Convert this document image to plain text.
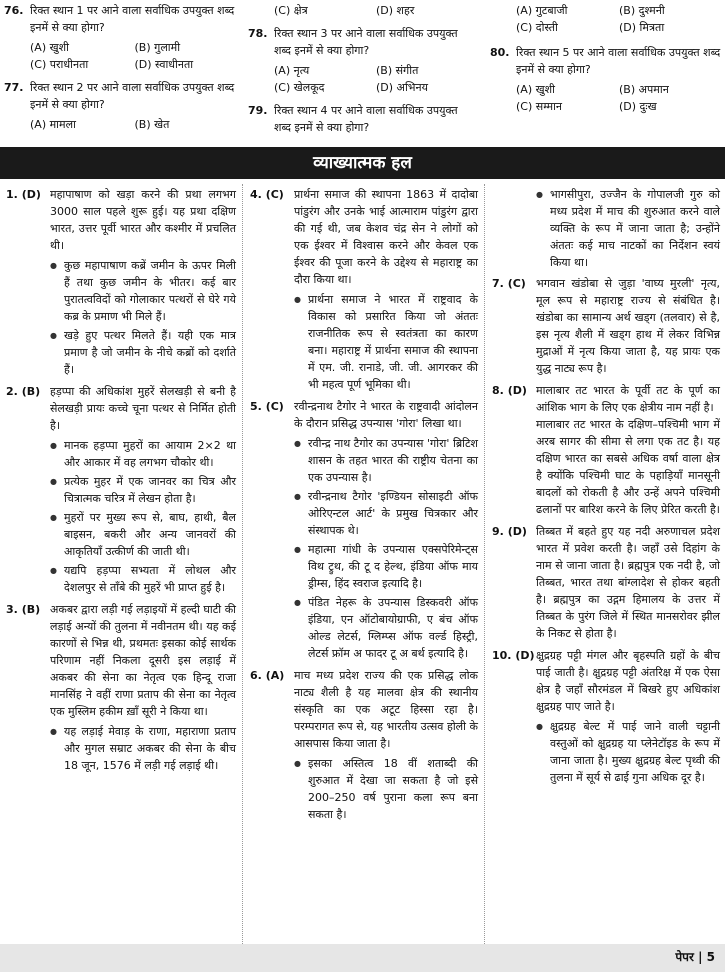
76. रिक्त स्थान 1 पर आने वाला सर्वाधिक उपयुक्त शब्द इनमें से क्या होगा?
(A) खुशी	(B) गुलामी
(C) पराधीनता	(D) स्वाधीनता
77. रिक्त स्थान 2 पर आने वाला सर्वाधिक उपयुक्त शब्द इनमें से क्या होगा?
(A) मामला	(B) खेत
(C) क्षेत्र	(D) शहर
78. रिक्त स्थान 3 पर आने वाला सर्वाधिक उपयुक्त शब्द इनमें से क्या होगा?
(A) नृत्य	(B) संगीत
(C) खेलकूद	(D) अभिनय
79. रिक्त स्थान 4 पर आने वाला सर्वाधिक उपयुक्त शब्द इनमें से क्या होगा?
(A) गुटबाजी	(B) दुश्मनी
(C) दोस्ती	(D) मित्रता
80. रिक्त स्थान 5 पर आने वाला सर्वाधिक उपयुक्त शब्द इनमें से क्या होगा?
(A) खुशी	(B) अपमान
(C) सम्मान	(D) दुःख
व्याख्यात्मक हल
1. (D) महापाषाण को खड़ा करने की प्रथा लगभग 3000 साल पहले शुरू हुई। यह प्रथा दक्षिण भारत, उत्तर पूर्वी भारत और कश्मीर में प्रचलित थी।
● कुछ महापाषाण कब्रें जमीन के ऊपर मिली हैं तथा कुछ जमीन के भीतर। कई बार पुरातत्वविदों को गोलाकार पत्थरों से घेरे गये कब्र के प्रमाण भी मिले हैं।
● खड़े हुए पत्थर मिलते हैं। यही एक मात्र प्रमाण है जो जमीन के नीचे कब्रों को दर्शाते हैं।
2. (B) हड़प्पा की अधिकांश मुहरें सेलखड़ी से बनी है सेलखड़ी प्रायः कच्चे चूना पत्थर से निर्मित होती है।
● मानक हड़प्पा मुहरों का आयाम 2×2 था और आकार में वह लगभग चौकोर थी।
● प्रत्येक मुहर में एक जानवर का चित्र और चित्रात्मक चरित्र में लेखन होता है।
● मुहरों पर मुख्य रूप से, बाघ, हाथी, बैल बाइसन, बकरी और अन्य जानवरों की आकृतियाँ उत्कीर्ण की जाती थी।
● यद्यपि हड़प्पा सभ्यता में लोथल और देशलपुर से ताँबे की मुहरें भी प्राप्त हुई है।
3. (B) अकबर द्वारा लड़ी गई लड़ाइयों में हल्दी घाटी की लड़ाई अन्यों की तुलना में नवीनतम थी। यह कई कारणों से भिन्न थी, प्रथमतः इसका कोई सार्थक परिणाम नहीं निकला दूसरी इस लड़ाई में अकबर की सेना का नेतृत्व एक हिन्दू राजा मानसिंह ने वहीं राणा प्रताप की सेना का नेतृत्व एक मुस्लिम हकीम ख़ाँ सूरी ने किया था।
● यह लड़ाई मेवाड़ के राणा, महाराणा प्रताप और मुगल सम्राट अकबर की सेना के बीच 18 जून, 1576 में लड़ी गई लड़ाई थी।
4. (C) प्रार्थना समाज की स्थापना 1863 में दादोबा पांडुरंग और उनके भाई आत्माराम पांडुरंग द्वारा की गई थी, जब केशव चंद्र सेन ने लोगों को एक ईश्वर में विश्वास करने और केवल एक ईश्वर की पूजा करने के उद्देश्य से महाराष्ट्र का दौरा किया था।
● प्रार्थना समाज ने भारत में राष्ट्रवाद के विकास को प्रसारित किया जो अंततः राजनीतिक रूप से स्वतंत्रता का कारण बना। महाराष्ट्र में प्रार्थना समाज की स्थापना में एम. जी. रानाडे, जी. जी. आगरकर की भी महत्व पूर्ण भूमिका थी।
5. (C) रवीन्द्रनाथ टैगोर ने भारत के राष्ट्रवादी आंदोलन के दौरान प्रसिद्ध उपन्यास 'गोरा' लिखा था।
● रवीन्द्र नाथ टैगोर का उपन्यास 'गोरा' ब्रिटिश शासन के तहत भारत की राष्ट्रीय चेतना का एक उपन्यास है।
● रवीन्द्रनाथ टैगोर 'इण्डियन सोसाइटी ऑफ ओरिएन्टल आर्ट' के प्रमुख चित्रकार और संस्थापक थे।
● महात्मा गांधी के उपन्यास एक्सपेरिमेन्ट्स विथ ट्रुथ, की टू द हेल्थ, इंडिया ऑफ माय ड्रीम्स, हिंद स्वराज इत्यादि है।
● पंडित नेहरू के उपन्यास डिस्कवरी ऑफ इंडिया, एन ऑटोबायोग्राफी, ए बंच ऑफ ओल्ड लेटर्स, ग्लिम्प्स ऑफ वर्ल्ड हिस्ट्री, लेटर्स फ्रॉम अ फादर टू अ बर्थ इत्यादि है।
6. (A) माच मध्य प्रदेश राज्य की एक प्रसिद्ध लोक नाट्य शैली है यह मालवा क्षेत्र की स्थानीय संस्कृति का एक अटूट हिस्सा रहा है। परम्परागत रूप से, यह भारतीय उत्सव होली के आसपास किया जाता है।
● इसका अस्तित्व 18 वीं शताब्दी की शुरुआत में देखा जा सकता है जो इसे 200–250 वर्ष पुराना कला रूप बना सकता है।
● भागसीपुरा, उज्जैन के गोपालजी गुरु को मध्य प्रदेश में माच की शुरुआत करने वाले व्यक्ति के रूप में जाना जाता है; उन्होंने अंततः कई माच नाटकों का निर्देशन स्वयं किया था।
7. (C) भगवान खंडोबा से जुड़ा 'वाघ्य मुरली' नृत्य, मूल रूप से महाराष्ट्र राज्य से संबंधित है। खंडोबा का सामान्य अर्थ खड्ग (तलवार) से है, इस नृत्य शैली में खड्ग हाथ में लेकर विभिन्न मुद्राओं में नृत्य किया जाता है, यह प्रायः एक युद्ध नाट्य रूप है।
8. (D) मालाबार तट भारत के पूर्वी तट के पूर्ण का आंशिक भाग के लिए एक क्षेत्रीय नाम नहीं है।
मालाबार तट भारत के दक्षिण–पश्चिमी भाग में अरब सागर की सीमा से लगा एक तट है। यह दक्षिण भारत का सबसे अधिक वर्षा वाला क्षेत्र है क्योंकि पश्चिमी घाट के पहाड़ियाँ मानसूनी बादलों को रोकती है और उन्हें अपने पश्चिमी ढलानों पर बारिश करने के लिए प्रेरित करती है।
9. (D) तिब्बत में बहते हुए यह नदी अरुणाचल प्रदेश भारत में प्रवेश करती है। जहाँ उसे दिहांग के नाम से जाना जाता है। ब्रह्मपुत्र एक नदी है, जो तिब्बत, भारत तथा बांग्लादेश से होकर बहती है। ब्रह्मपुत्र का उद्गम हिमालय के उत्तर में तिब्बत के पुरंग जिले में स्थित मानसरोवर झील के निकट से होता है।
10. (D) क्षुद्रग्रह पट्टी मंगल और बृहस्पति ग्रहों के बीच पाई जाती है। क्षुद्रग्रह पट्टी अंतरिक्ष में एक ऐसा क्षेत्र है जहाँ सौरमंडल में बिखरे हुए अधिकांश क्षुद्रग्रह पाए जाते है।
● क्षुद्रग्रह बेल्ट में पाई जाने वाली चट्टानी वस्तुओं को क्षुद्रग्रह या प्लेनेटॉइड के रूप में जाना जाता है। मुख्य क्षुद्रग्रह बेल्ट पृथ्वी की तुलना में सूर्य से ढाई गुना अधिक दूर है।
पेपर | 5
